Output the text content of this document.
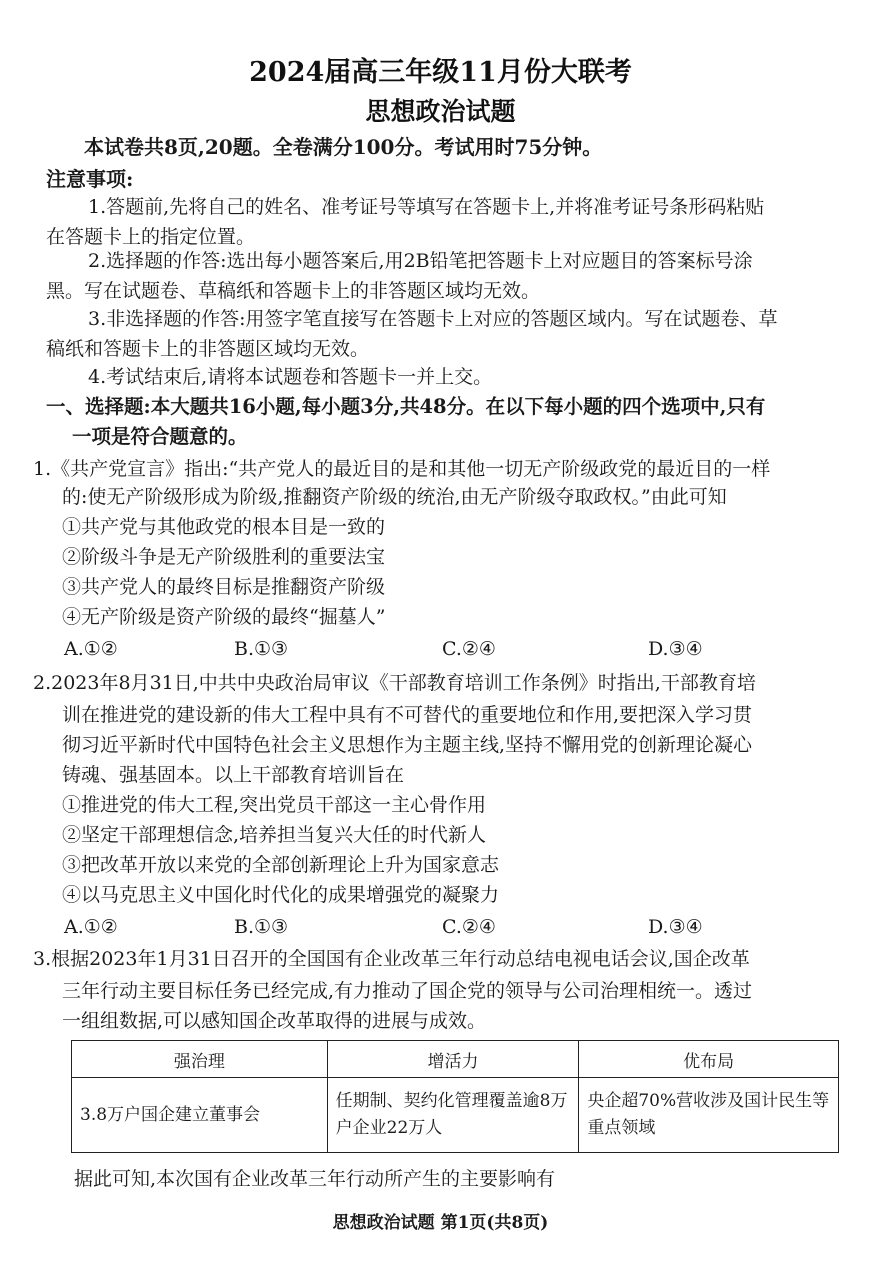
2024届高三年级11月份大联考
思想政治试题
本试卷共8页,20题。全卷满分100分。考试用时75分钟。
注意事项:
1.答题前,先将自己的姓名、准考证号等填写在答题卡上,并将准考证号条形码粘贴
在答题卡上的指定位置。
2.选择题的作答:选出每小题答案后,用2B铅笔把答题卡上对应题目的答案标号涂
黑。写在试题卷、草稿纸和答题卡上的非答题区域均无效。
3.非选择题的作答:用签字笔直接写在答题卡上对应的答题区域内。写在试题卷、草
稿纸和答题卡上的非答题区域均无效。
4.考试结束后,请将本试题卷和答题卡一并上交。
一、选择题:本大题共16小题,每小题3分,共48分。在以下每小题的四个选项中,只有
一项是符合题意的。
1.《共产党宣言》指出:“共产党人的最近目的是和其他一切无产阶级政党的最近目的一样
的:使无产阶级形成为阶级,推翻资产阶级的统治,由无产阶级夺取政权。”由此可知
①共产党与其他政党的根本目是一致的
②阶级斗争是无产阶级胜利的重要法宝
③共产党人的最终目标是推翻资产阶级
④无产阶级是资产阶级的最终“掘墓人”
A.①②	B.①③	C.②④	D.③④
2.2023年8月31日,中共中央政治局审议《干部教育培训工作条例》时指出,干部教育培
训在推进党的建设新的伟大工程中具有不可替代的重要地位和作用,要把深入学习贯
彻习近平新时代中国特色社会主义思想作为主题主线,坚持不懈用党的创新理论凝心
铸魂、强基固本。以上干部教育培训旨在
①推进党的伟大工程,突出党员干部这一主心骨作用
②坚定干部理想信念,培养担当复兴大任的时代新人
③把改革开放以来党的全部创新理论上升为国家意志
④以马克思主义中国化时代化的成果增强党的凝聚力
A.①②	B.①③	C.②④	D.③④
3.根据2023年1月31日召开的全国国有企业改革三年行动总结电视电话会议,国企改革
三年行动主要目标任务已经完成,有力推动了国企党的领导与公司治理相统一。透过
一组组数据,可以感知国企改革取得的进展与成效。
强治理	增活力	优布局
3.8万户国企建立董事会	任期制、契约化管理覆盖逾8万户企业22万人	央企超70%营收涉及国计民生等重点领域
据此可知,本次国有企业改革三年行动所产生的主要影响有
思想政治试题 第1页(共8页)
